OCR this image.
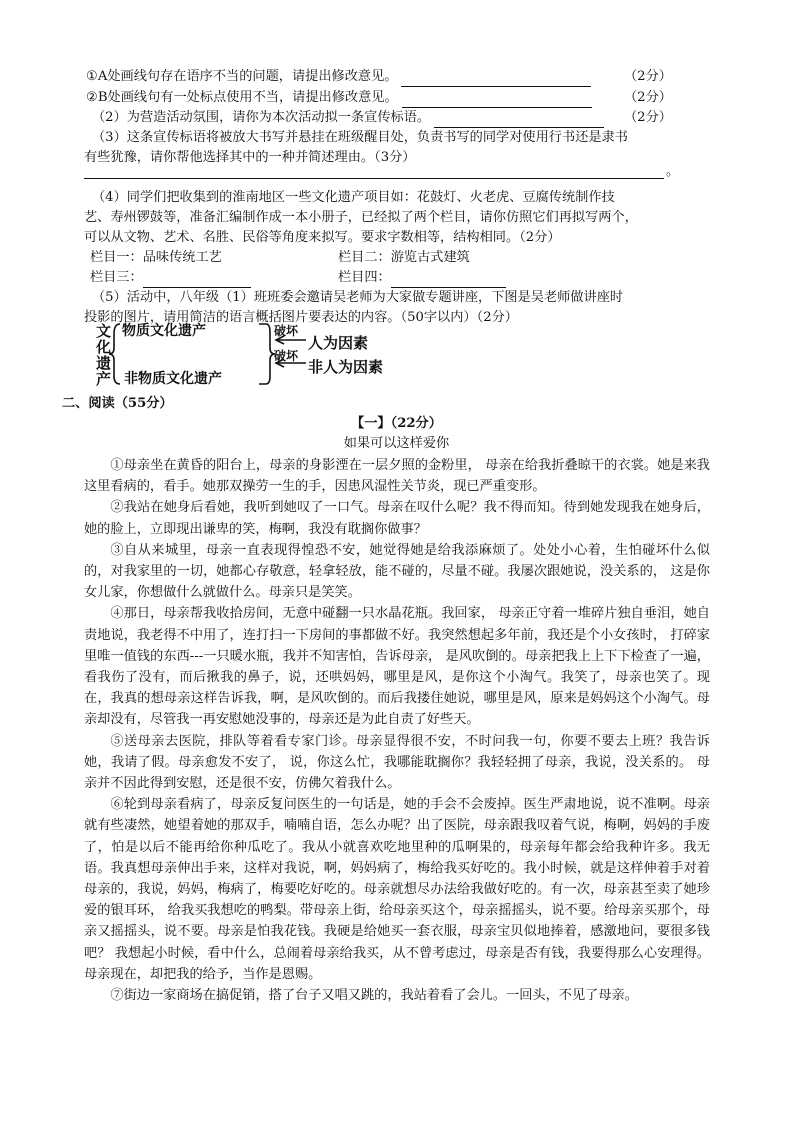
①A处画线句存在语序不当的问题，请提出修改意见。	（2分）
②B处画线句有一处标点使用不当，请提出修改意见。	（2分）
（2）为营造活动氛围，请你为本次活动拟一条宣传标语。	（2分）
（3）这条宣传标语将被放大书写并悬挂在班级醒目处，负责书写的同学对使用行书还是隶书
有些犹豫，请你帮他选择其中的一种并简述理由。（3分）
。
（4）同学们把收集到的淮南地区一些文化遗产项目如：花鼓灯、火老虎、豆腐传统制作技
艺、寿州锣鼓等，准备汇编制作成一本小册子，已经拟了两个栏目，请你仿照它们再拟写两个，
可以从文物、艺术、名胜、民俗等角度来拟写。要求字数相等，结构相同。（2分）
栏目一：品味传统工艺	栏目二：游览古式建筑
栏目三：	栏目四：
（5）活动中，八年级（1）班班委会邀请吴老师为大家做专题讲座，下图是吴老师做讲座时
投影的图片，请用简洁的语言概括图片要表达的内容。（50字以内）（2分）
文化遗产
物质文化遗产
非物质文化遗产
破坏
人为因素
破坏
非人为因素
二、阅读（55分）
【一】（22分）
如果可以这样爱你

①母亲坐在黄昏的阳台上，母亲的身影湮在一层夕照的金粉里， 母亲在给我折叠晾干的衣裳。她是来我这里看病的，看手。她那双操劳一生的手，因患风湿性关节炎，现已严重变形。

②我站在她身后看她，我听到她叹了一口气。母亲在叹什么呢？我不得而知。待到她发现我在她身后，她的脸上，立即现出谦卑的笑，梅啊，我没有耽搁你做事？

③自从来城里，母亲一直表现得惶恐不安，她觉得她是给我添麻烦了。处处小心着，生怕碰坏什么似的，对我家里的一切，她都心存敬意，轻拿轻放，能不碰的，尽量不碰。我屡次跟她说，没关系的， 这是你女儿家，你想做什么就做什么。母亲只是笑笑。

④那日，母亲帮我收拾房间，无意中碰翻一只水晶花瓶。我回家， 母亲正守着一堆碎片独自垂泪，她自责地说，我老得不中用了，连打扫一下房间的事都做不好。我突然想起多年前，我还是个小女孩时， 打碎家里唯一值钱的东西---一只暖水瓶，我并不知害怕，告诉母亲， 是风吹倒的。母亲把我上上下下检查了一遍，看我伤了没有，而后揪我的鼻子，说，还哄妈妈，哪里是风，是你这个小淘气。我笑了，母亲也笑了。现在，我真的想母亲这样告诉我，啊，是风吹倒的。而后我搂住她说，哪里是风，原来是妈妈这个小淘气。母亲却没有，尽管我一再安慰她没事的，母亲还是为此自责了好些天。

⑤送母亲去医院，排队等着看专家门诊。母亲显得很不安，不时问我一句，你要不要去上班？我告诉她，我请了假。母亲愈发不安了， 说，你这么忙，我哪能耽搁你？我轻轻拥了母亲，我说，没关系的。 母亲并不因此得到安慰，还是很不安，仿佛欠着我什么。

⑥轮到母亲看病了，母亲反复问医生的一句话是，她的手会不会废掉。医生严肃地说，说不准啊。母亲就有些凄然，她望着她的那双手，喃喃自语，怎么办呢？出了医院，母亲跟我叹着气说，梅啊，妈妈的手废了，怕是以后不能再给你种瓜吃了。我从小就喜欢吃地里种的瓜啊果的，母亲每年都会给我种许多。我无语。我真想母亲伸出手来，这样对我说，啊，妈妈病了，梅给我买好吃的。我小时候，就是这样伸着手对着母亲的，我说，妈妈，梅病了，梅要吃好吃的。母亲就想尽办法给我做好吃的。有一次，母亲甚至卖了她珍爱的银耳环， 给我买我想吃的鸭梨。带母亲上街，给母亲买这个，母亲摇摇头，说不要。给母亲买那个，母亲又摇摇头，说不要。母亲是怕我花钱。我硬是给她买一套衣服，母亲宝贝似地捧着，感激地问，要很多钱吧？ 我想起小时候，看中什么，总闹着母亲给我买，从不曾考虑过，母亲是否有钱，我要得那么心安理得。母亲现在，却把我的给予，当作是恩赐。

⑦街边一家商场在搞促销，搭了台子又唱又跳的，我站着看了会儿。一回头，不见了母亲。
